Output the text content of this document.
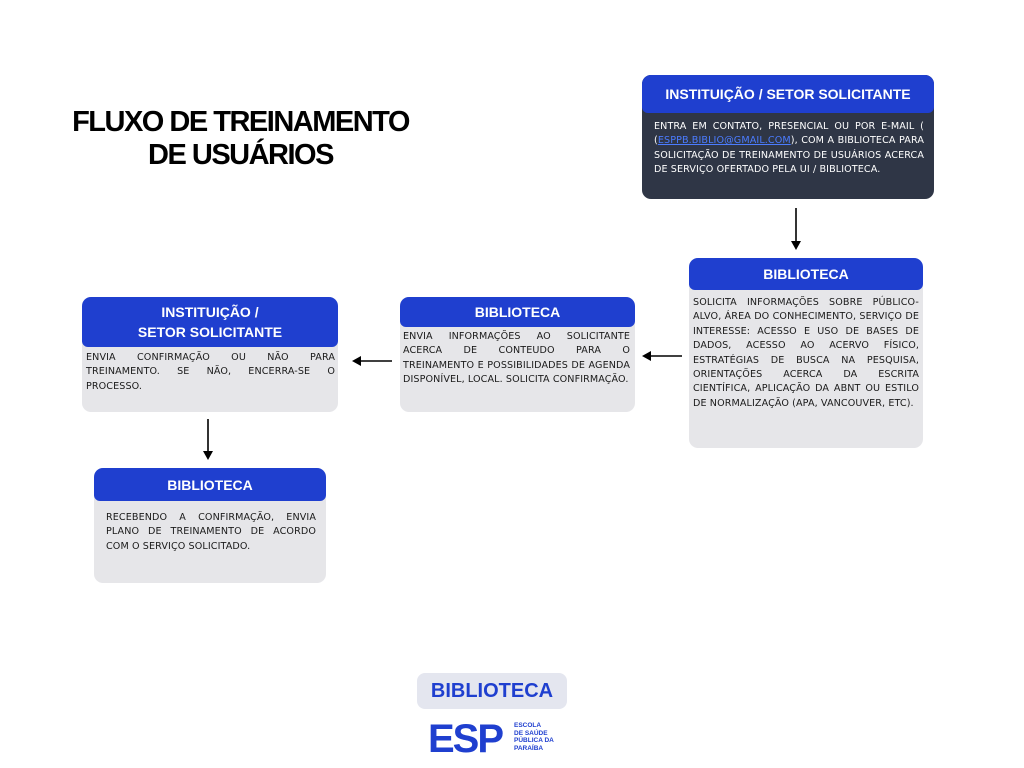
FLUXO DE TREINAMENTO
DE USUÁRIOS
INSTITUIÇÃO / SETOR SOLICITANTE
ENTRA EM CONTATO, PRESENCIAL OU POR E-MAIL ( (ESPPB.BIBLIO@GMAIL.COM), COM A BIBLIOTECA PARA SOLICITAÇÃO DE TREINAMENTO DE USUÁRIOS ACERCA DE SERVIÇO OFERTADO PELA UI / BIBLIOTECA.
BIBLIOTECA
SOLICITA INFORMAÇÕES SOBRE PÚBLICO-ALVO, ÁREA DO CONHECIMENTO, SERVIÇO DE INTERESSE: ACESSO E USO DE BASES DE DADOS, ACESSO AO ACERVO FÍSICO, ESTRATÉGIAS DE BUSCA NA PESQUISA, ORIENTAÇÕES ACERCA DA ESCRITA CIENTÍFICA, APLICAÇÃO DA ABNT OU ESTILO DE NORMALIZAÇÃO (APA, VANCOUVER, ETC).
BIBLIOTECA
ENVIA INFORMAÇÕES AO SOLICITANTE ACERCA DE CONTEUDO PARA O TREINAMENTO E POSSIBILIDADES DE AGENDA DISPONÍVEL, LOCAL. SOLICITA CONFIRMAÇÃO.
INSTITUIÇÃO /
SETOR SOLICITANTE
ENVIA CONFIRMAÇÃO OU NÃO PARA TREINAMENTO. SE NÃO, ENCERRA-SE O PROCESSO.
BIBLIOTECA
RECEBENDO A CONFIRMAÇÃO, ENVIA PLANO DE TREINAMENTO DE ACORDO COM O SERVIÇO SOLICITADO.
BIBLIOTECA
ESP ESCOLA
DE SAÚDE
PÚBLICA DA
PARAÍBA
